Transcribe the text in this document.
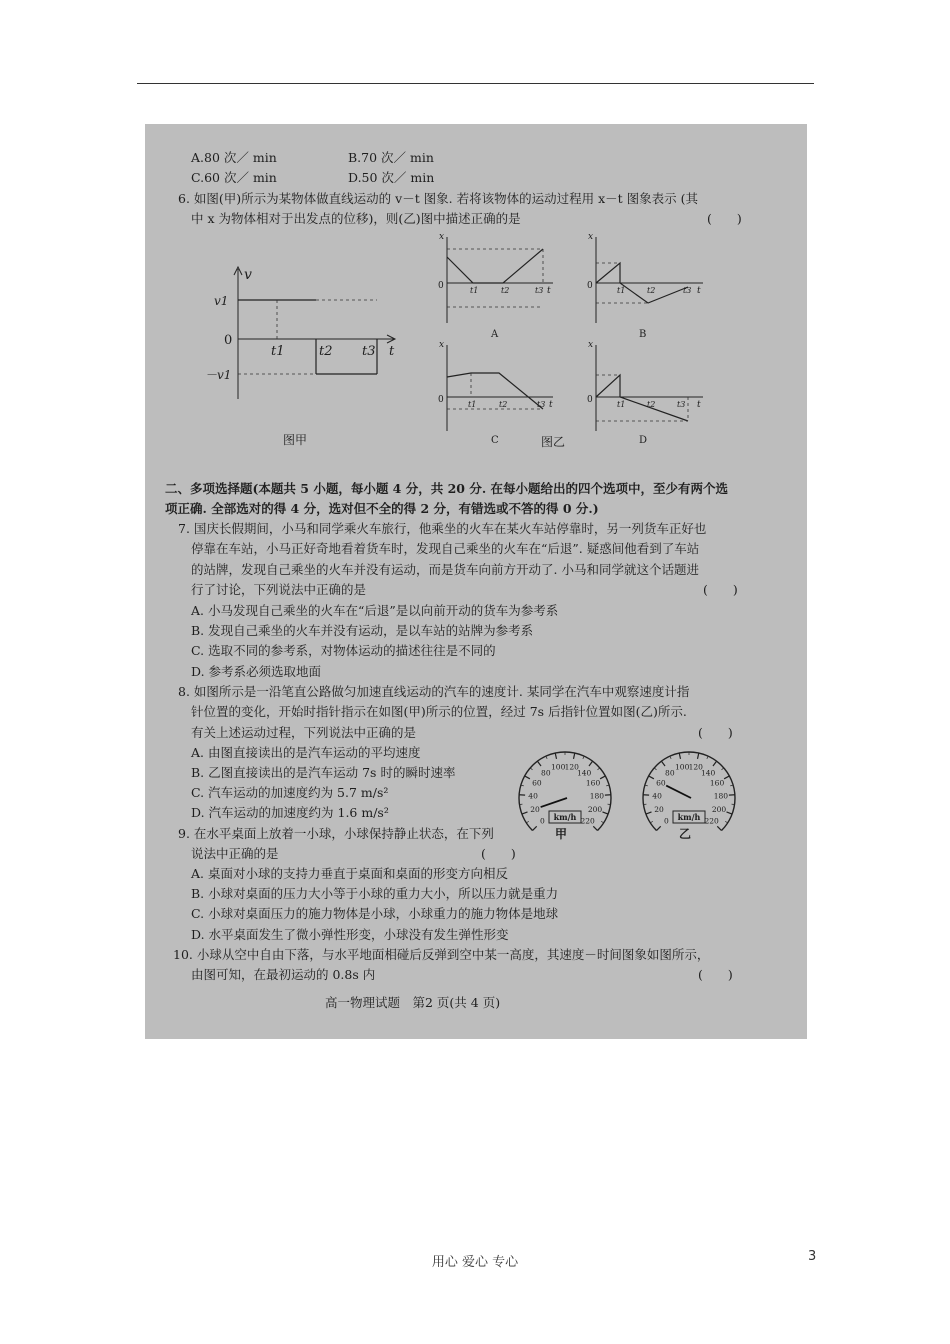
A.80 次／ min	B.70 次／ min
C.60 次／ min	D.50 次／ min
6. 如图(甲)所示为某物体做直线运动的 v－t 图象. 若将该物体的运动过程用 x－t 图象表示 (其
中 x 为物体相对于出发点的位移)，则(乙)图中描述正确的是	(　　)
v
v1
0
－v1
t1	t2 t3 t
图甲
x
0	t1	t2	t3 t
A
x
0	t1	t2	t3 t
B
x
0	t1	t2	t3 t
C
x
0	t1	t2	t3 t
D
图乙
二、多项选择题(本题共 5 小题，每小题 4 分，共 20 分. 在每小题给出的四个选项中，至少有两个选
项正确. 全部选对的得 4 分，选对但不全的得 2 分，有错选或不答的得 0 分.)
7. 国庆长假期间，小马和同学乘火车旅行，他乘坐的火车在某火车站停靠时，另一列货车正好也
停靠在车站，小马正好奇地看着货车时，发现自己乘坐的火车在“后退”. 疑惑间他看到了车站
的站牌，发现自己乘坐的火车并没有运动，而是货车向前方开动了. 小马和同学就这个话题进
行了讨论，下列说法中正确的是	(　　)
A. 小马发现自己乘坐的火车在“后退”是以向前开动的货车为参考系
B. 发现自己乘坐的火车并没有运动，是以车站的站牌为参考系
C. 选取不同的参考系，对物体运动的描述往往是不同的
D. 参考系必须选取地面
8. 如图所示是一沿笔直公路做匀加速直线运动的汽车的速度计. 某同学在汽车中观察速度计指
针位置的变化，开始时指针指示在如图(甲)所示的位置，经过 7s 后指针位置如图(乙)所示.
有关上述运动过程，下列说法中正确的是	(　　)
A. 由图直接读出的是汽车运动的平均速度
B. 乙图直接读出的是汽车运动 7s 时的瞬时速率
C. 汽车运动的加速度约为 5.7 m/s²
D. 汽车运动的加速度约为 1.6 m/s²
0
20
40
60
80
100 120
140
160
180
200
220
km/h
甲
0
20
40
60
80
100 120
140
160
180
200
220
km/h
乙
9. 在水平桌面上放着一小球，小球保持静止状态，在下列
说法中正确的是	(　　)
A. 桌面对小球的支持力垂直于桌面和桌面的形变方向相反
B. 小球对桌面的压力大小等于小球的重力大小，所以压力就是重力
C. 小球对桌面压力的施力物体是小球，小球重力的施力物体是地球
D. 水平桌面发生了微小弹性形变，小球没有发生弹性形变
10. 小球从空中自由下落，与水平地面相碰后反弹到空中某一高度，其速度－时间图象如图所示，
由图可知，在最初运动的 0.8s 内	(　　)
高一物理试题　第2 页(共 4 页)
用心 爱心 专心	3
